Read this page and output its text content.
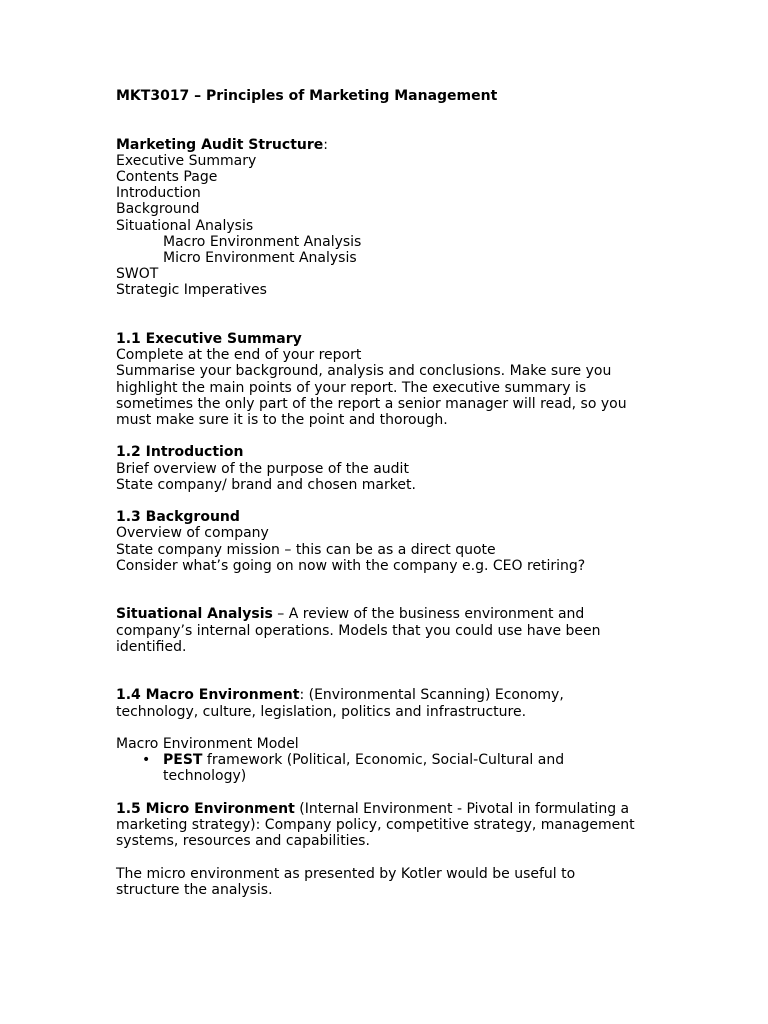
MKT3017 – Principles of Marketing Management
Marketing Audit Structure:
Executive Summary
Contents Page
Introduction
Background
Situational Analysis
Macro Environment Analysis
Micro Environment Analysis
SWOT
Strategic Imperatives
1.1 Executive Summary
Complete at the end of your report
Summarise your background, analysis and conclusions. Make sure you
highlight the main points of your report. The executive summary is
sometimes the only part of the report a senior manager will read, so you
must make sure it is to the point and thorough.
1.2 Introduction
Brief overview of the purpose of the audit
State company/ brand and chosen market.
1.3 Background
Overview of company
State company mission – this can be as a direct quote
Consider what’s going on now with the company e.g. CEO retiring?
Situational Analysis – A review of the business environment and
company’s internal operations. Models that you could use have been
identified.
1.4 Macro Environment: (Environmental Scanning) Economy,
technology, culture, legislation, politics and infrastructure.
Macro Environment Model
• PEST framework (Political, Economic, Social-Cultural and
technology)
1.5 Micro Environment (Internal Environment - Pivotal in formulating a
marketing strategy): Company policy, competitive strategy, management
systems, resources and capabilities.
The micro environment as presented by Kotler would be useful to
structure the analysis.
